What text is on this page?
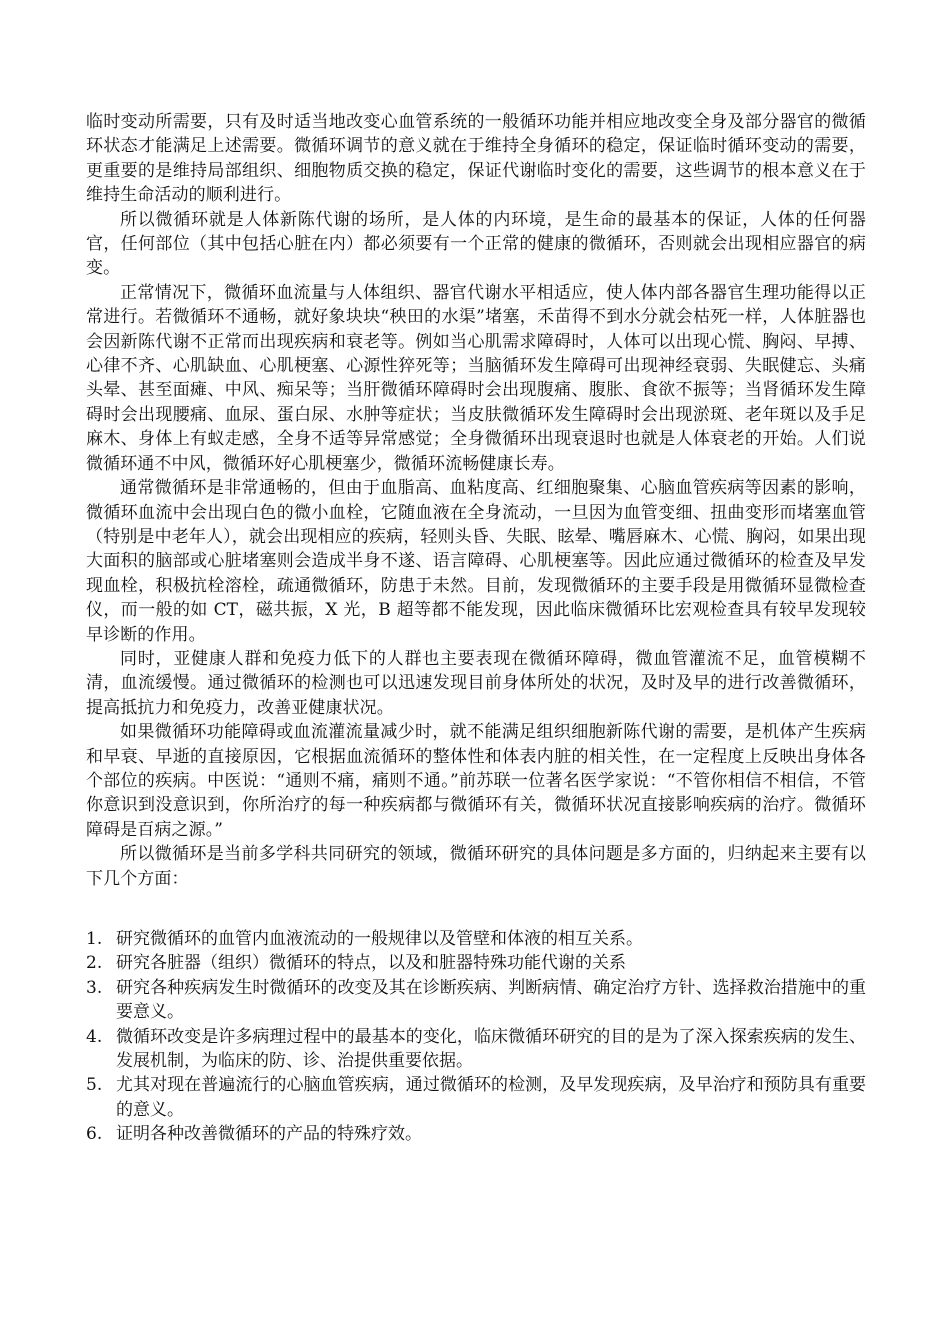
临时变动所需要，只有及时适当地改变心血管系统的一般循环功能并相应地改变全身及部分器官的微循环状态才能满足上述需要。微循环调节的意义就在于维持全身循环的稳定，保证临时循环变动的需要，更重要的是维持局部组织、细胞物质交换的稳定，保证代谢临时变化的需要，这些调节的根本意义在于维持生命活动的顺利进行。

所以微循环就是人体新陈代谢的场所，是人体的内环境，是生命的最基本的保证，人体的任何器官，任何部位（其中包括心脏在内）都必须要有一个正常的健康的微循环，否则就会出现相应器官的病变。

正常情况下，微循环血流量与人体组织、器官代谢水平相适应，使人体内部各器官生理功能得以正常进行。若微循环不通畅，就好象块块“秧田的水渠”堵塞，禾苗得不到水分就会枯死一样，人体脏器也会因新陈代谢不正常而出现疾病和衰老等。例如当心肌需求障碍时，人体可以出现心慌、胸闷、早搏、心律不齐、心肌缺血、心肌梗塞、心源性猝死等；当脑循环发生障碍可出现神经衰弱、失眠健忘、头痛头晕、甚至面瘫、中风、痴呆等；当肝微循环障碍时会出现腹痛、腹胀、食欲不振等；当肾循环发生障碍时会出现腰痛、血尿、蛋白尿、水肿等症状；当皮肤微循环发生障碍时会出现淤斑、老年斑以及手足麻木、身体上有蚁走感，全身不适等异常感觉；全身微循环出现衰退时也就是人体衰老的开始。人们说微循环通不中风，微循环好心肌梗塞少，微循环流畅健康长寿。

通常微循环是非常通畅的，但由于血脂高、血粘度高、红细胞聚集、心脑血管疾病等因素的影响，微循环血流中会出现白色的微小血栓，它随血液在全身流动，一旦因为血管变细、扭曲变形而堵塞血管（特别是中老年人），就会出现相应的疾病，轻则头昏、失眠、眩晕、嘴唇麻木、心慌、胸闷，如果出现大面积的脑部或心脏堵塞则会造成半身不遂、语言障碍、心肌梗塞等。因此应通过微循环的检查及早发现血栓，积极抗栓溶栓，疏通微循环，防患于未然。目前，发现微循环的主要手段是用微循环显微检查仪，而一般的如 CT，磁共振，X 光，B 超等都不能发现，因此临床微循环比宏观检查具有较早发现较早诊断的作用。

同时，亚健康人群和免疫力低下的人群也主要表现在微循环障碍，微血管灌流不足，血管模糊不清，血流缓慢。通过微循环的检测也可以迅速发现目前身体所处的状况，及时及早的进行改善微循环，提高抵抗力和免疫力，改善亚健康状况。

如果微循环功能障碍或血流灌流量减少时，就不能满足组织细胞新陈代谢的需要，是机体产生疾病和早衰、早逝的直接原因，它根据血流循环的整体性和体表内脏的相关性，在一定程度上反映出身体各个部位的疾病。中医说：“通则不痛，痛则不通。”前苏联一位著名医学家说：“不管你相信不相信，不管你意识到没意识到，你所治疗的每一种疾病都与微循环有关，微循环状况直接影响疾病的治疗。微循环障碍是百病之源。”

所以微循环是当前多学科共同研究的领域，微循环研究的具体问题是多方面的，归纳起来主要有以下几个方面：

1. 研究微循环的血管内血液流动的一般规律以及管壁和体液的相互关系。
2. 研究各脏器（组织）微循环的特点，以及和脏器特殊功能代谢的关系
3. 研究各种疾病发生时微循环的改变及其在诊断疾病、判断病情、确定治疗方针、选择救治措施中的重要意义。
4. 微循环改变是许多病理过程中的最基本的变化，临床微循环研究的目的是为了深入探索疾病的发生、发展机制，为临床的防、诊、治提供重要依据。
5. 尤其对现在普遍流行的心脑血管疾病，通过微循环的检测，及早发现疾病，及早治疗和预防具有重要的意义。
6. 证明各种改善微循环的产品的特殊疗效。
